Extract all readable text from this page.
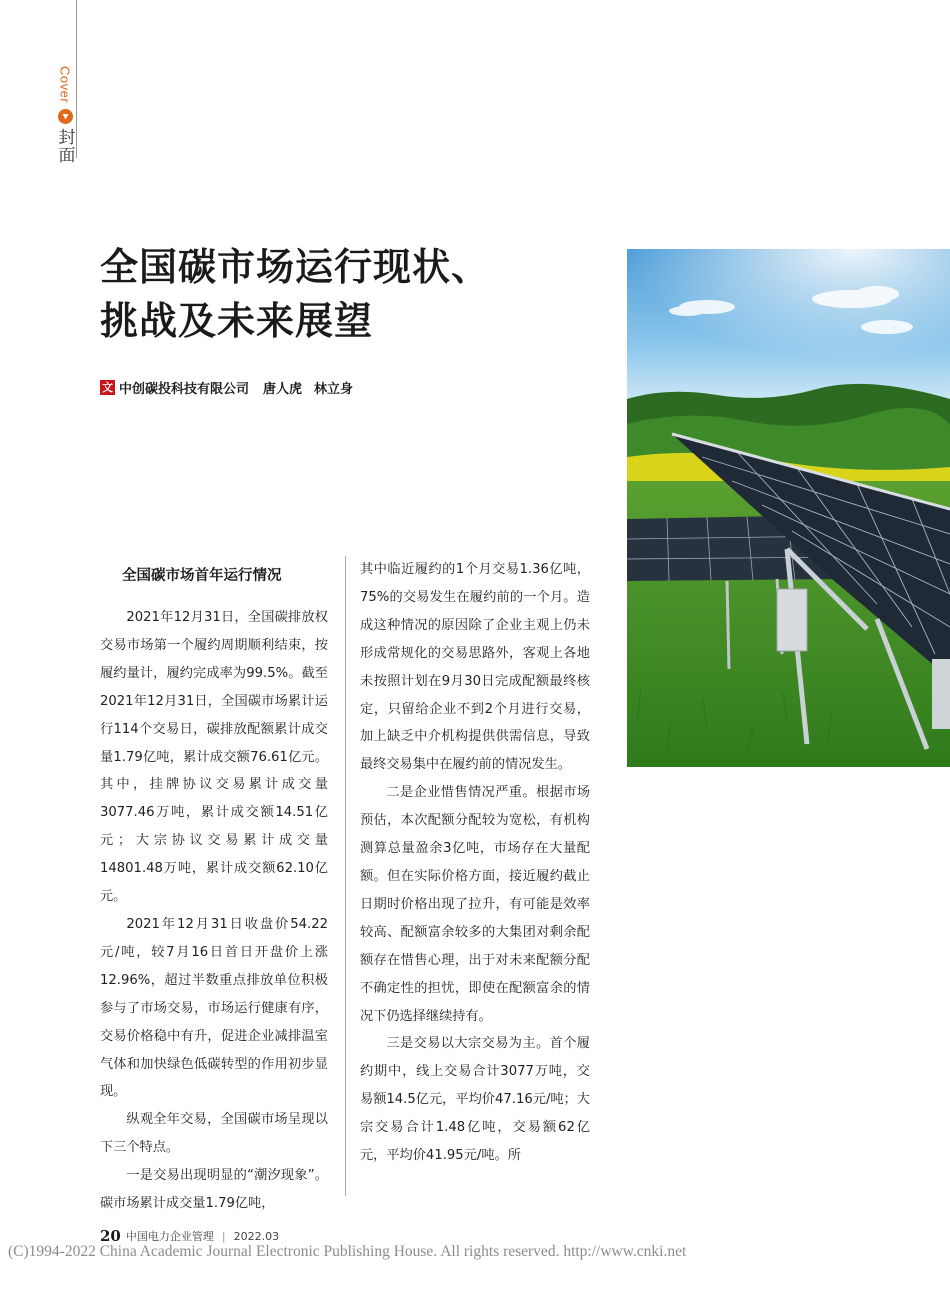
Cover
封面
全国碳市场运行现状、
挑战及未来展望
文 中创碳投科技有限公司 唐人虎 林立身
全国碳市场首年运行情况

2021年12月31日，全国碳排放权交易市场第一个履约周期顺利结束，按履约量计，履约完成率为99.5%。截至2021年12月31日，全国碳市场累计运行114个交易日，碳排放配额累计成交量1.79亿吨，累计成交额76.61亿元。其中，挂牌协议交易累计成交量3077.46万吨，累计成交额14.51亿元；大宗协议交易累计成交量14801.48万吨，累计成交额62.10亿元。

2021年12月31日收盘价54.22元/吨，较7月16日首日开盘价上涨12.96%，超过半数重点排放单位积极参与了市场交易，市场运行健康有序，交易价格稳中有升，促进企业减排温室气体和加快绿色低碳转型的作用初步显现。

纵观全年交易，全国碳市场呈现以下三个特点。

一是交易出现明显的“潮汐现象”。碳市场累计成交量1.79亿吨，

其中临近履约的1个月交易1.36亿吨，75%的交易发生在履约前的一个月。造成这种情况的原因除了企业主观上仍未形成常规化的交易思路外，客观上各地未按照计划在9月30日完成配额最终核定，只留给企业不到2个月进行交易，加上缺乏中介机构提供供需信息，导致最终交易集中在履约前的情况发生。

二是企业惜售情况严重。根据市场预估，本次配额分配较为宽松，有机构测算总量盈余3亿吨，市场存在大量配额。但在实际价格方面，接近履约截止日期时价格出现了拉升，有可能是效率较高、配额富余较多的大集团对剩余配额存在惜售心理，出于对未来配额分配不确定性的担忧，即使在配额富余的情况下仍选择继续持有。

三是交易以大宗交易为主。首个履约期中，线上交易合计3077万吨，交易额14.5亿元，平均价47.16元/吨；大宗交易合计1.48亿吨，交易额62亿元，平均价41.95元/吨。所

20 中国电力企业管理 | 2022.03
(C)1994-2022 China Academic Journal Electronic Publishing House. All rights reserved. http://www.cnki.net
